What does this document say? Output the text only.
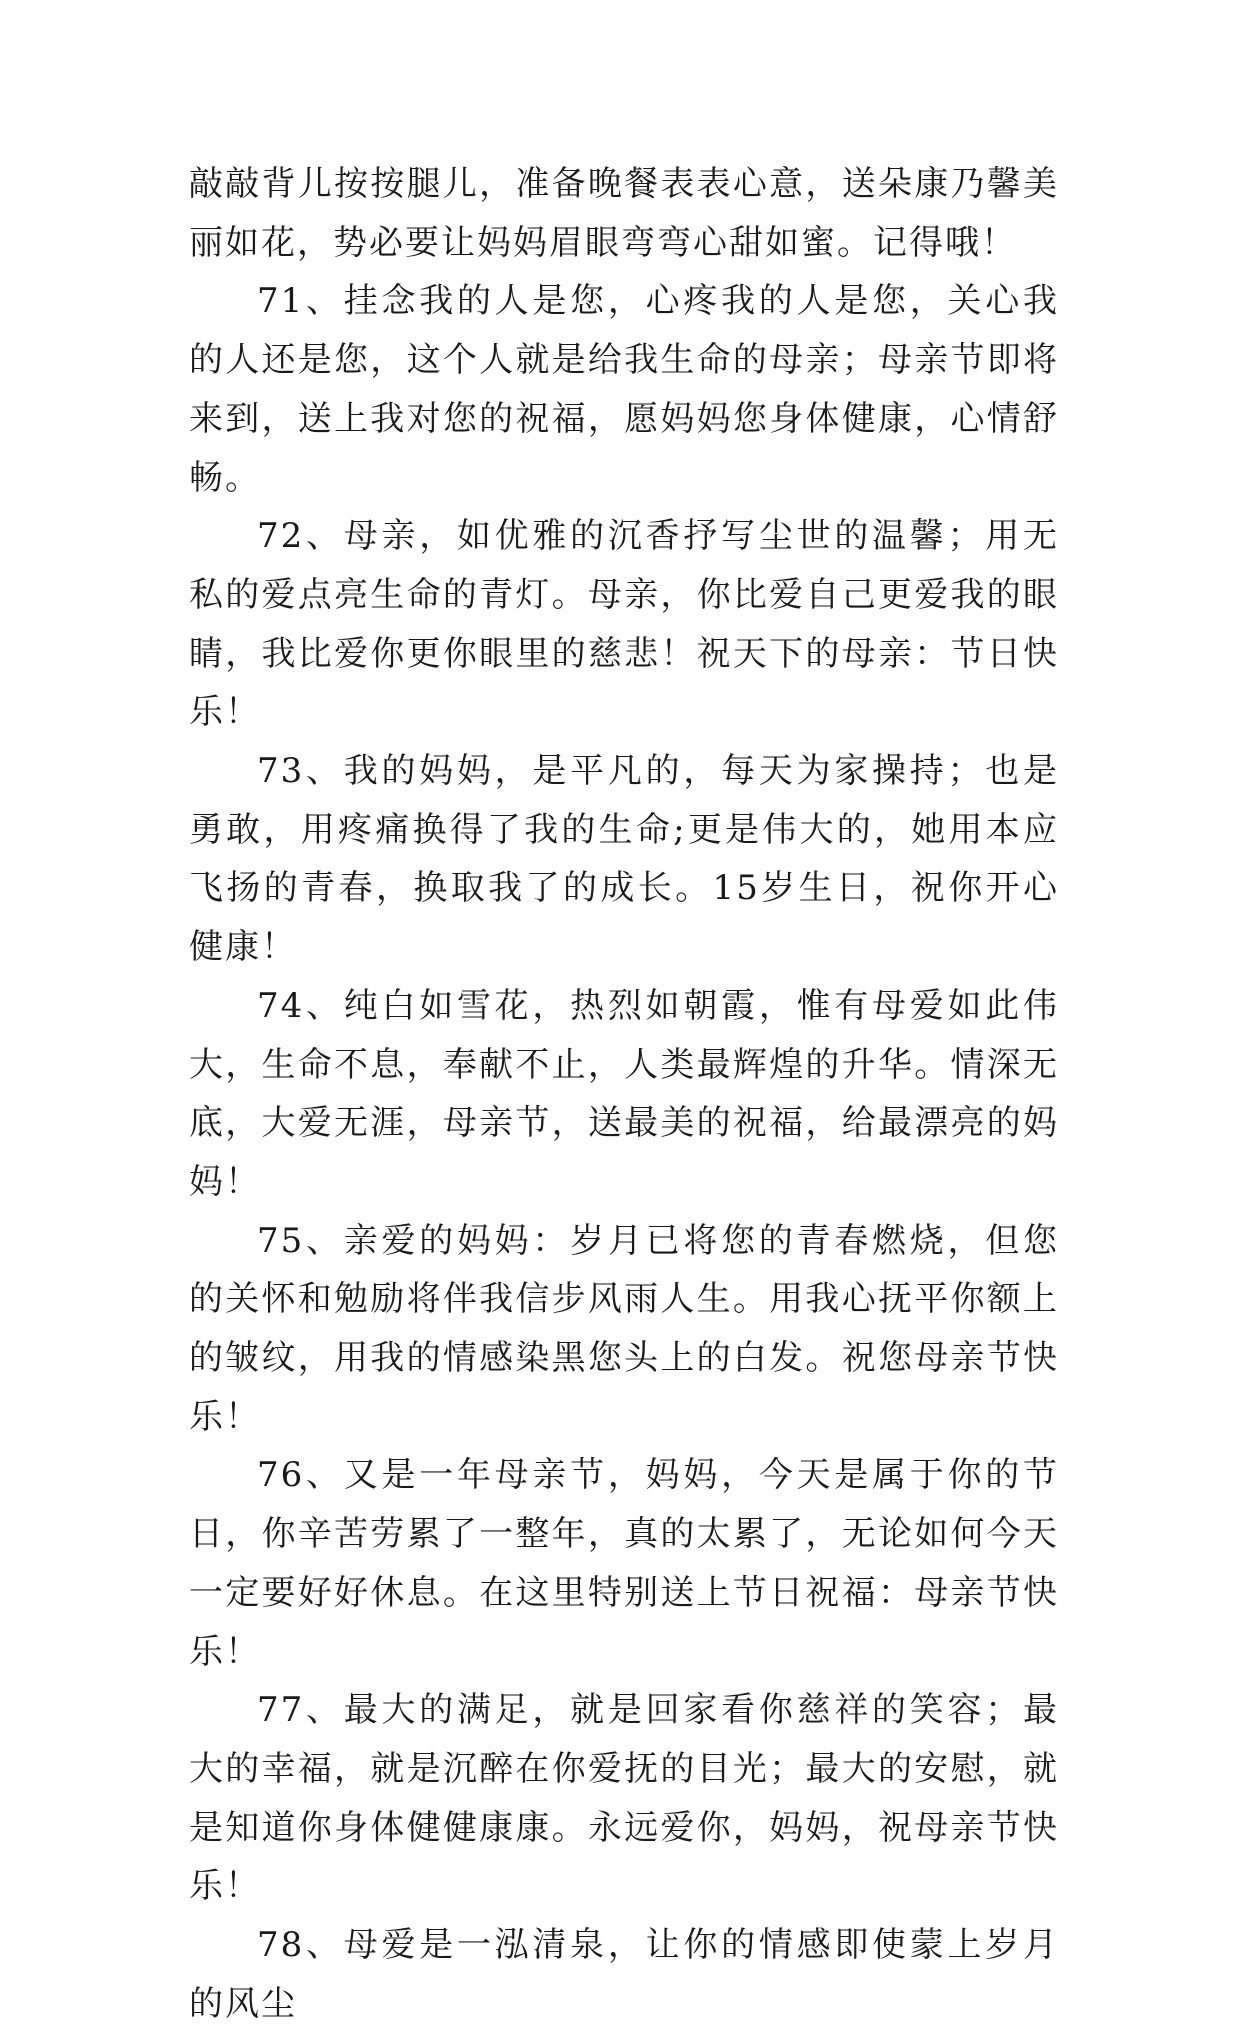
敲敲背儿按按腿儿，准备晚餐表表心意，送朵康乃馨美丽如花，势必要让妈妈眉眼弯弯心甜如蜜。记得哦！

71、挂念我的人是您，心疼我的人是您，关心我的人还是您，这个人就是给我生命的母亲；母亲节即将来到，送上我对您的祝福，愿妈妈您身体健康，心情舒畅。

72、母亲，如优雅的沉香抒写尘世的温馨；用无私的爱点亮生命的青灯。母亲，你比爱自己更爱我的眼睛，我比爱你更你眼里的慈悲！祝天下的母亲：节日快乐！

73、我的妈妈，是平凡的，每天为家操持；也是勇敢，用疼痛换得了我的生命;更是伟大的，她用本应飞扬的青春，换取我了的成长。15岁生日，祝你开心健康！

74、纯白如雪花，热烈如朝霞，惟有母爱如此伟大，生命不息，奉献不止，人类最辉煌的升华。情深无底，大爱无涯，母亲节，送最美的祝福，给最漂亮的妈妈！

75、亲爱的妈妈：岁月已将您的青春燃烧，但您的关怀和勉励将伴我信步风雨人生。用我心抚平你额上的皱纹，用我的情感染黑您头上的白发。祝您母亲节快乐！

76、又是一年母亲节，妈妈，今天是属于你的节日，你辛苦劳累了一整年，真的太累了，无论如何今天一定要好好休息。在这里特别送上节日祝福：母亲节快乐！

77、最大的满足，就是回家看你慈祥的笑容；最大的幸福，就是沉醉在你爱抚的目光；最大的安慰，就是知道你身体健健康康。永远爱你，妈妈，祝母亲节快乐！

78、母爱是一泓清泉，让你的情感即使蒙上岁月的风尘
